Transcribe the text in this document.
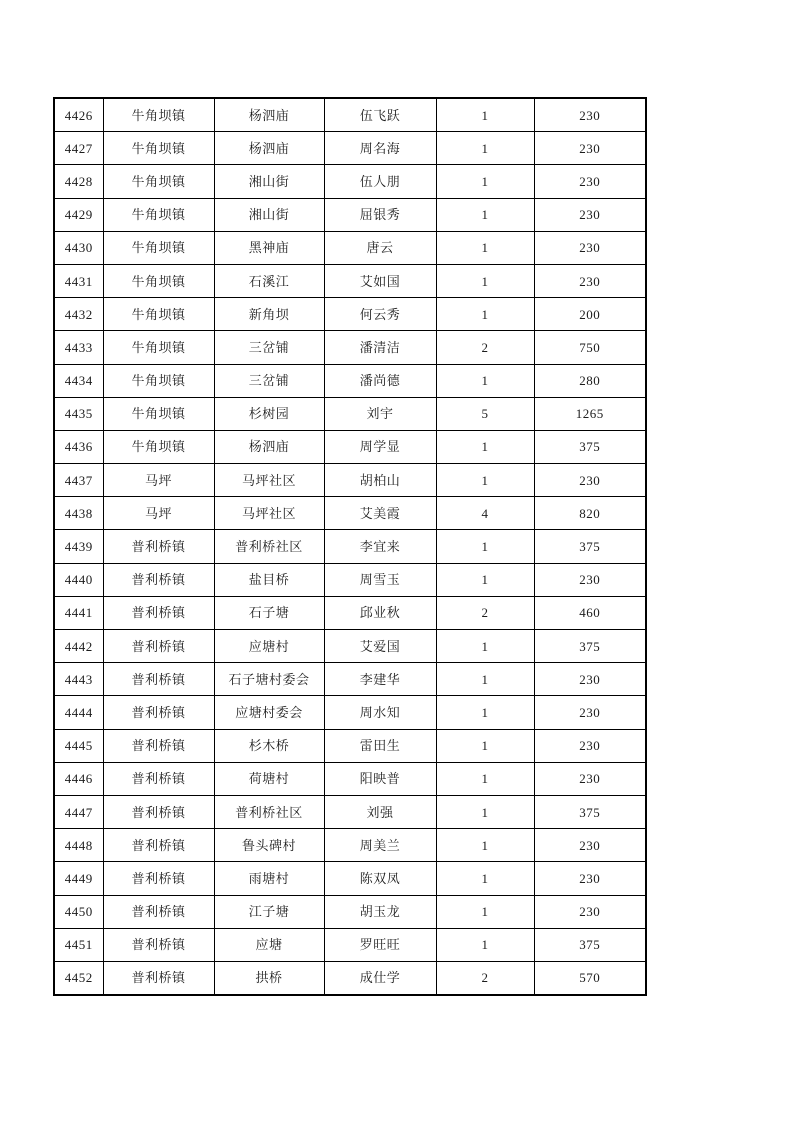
4426	牛角坝镇	杨泗庙	伍飞跃	1	230
4427	牛角坝镇	杨泗庙	周名海	1	230
4428	牛角坝镇	湘山街	伍人朋	1	230
4429	牛角坝镇	湘山街	屈银秀	1	230
4430	牛角坝镇	黑神庙	唐云	1	230
4431	牛角坝镇	石溪江	艾如国	1	230
4432	牛角坝镇	新角坝	何云秀	1	200
4433	牛角坝镇	三岔铺	潘清洁	2	750
4434	牛角坝镇	三岔铺	潘尚德	1	280
4435	牛角坝镇	杉树园	刘宇	5	1265
4436	牛角坝镇	杨泗庙	周学显	1	375
4437	马坪	马坪社区	胡柏山	1	230
4438	马坪	马坪社区	艾美霞	4	820
4439	普利桥镇	普利桥社区	李宜来	1	375
4440	普利桥镇	盐目桥	周雪玉	1	230
4441	普利桥镇	石子塘	邱业秋	2	460
4442	普利桥镇	应塘村	艾爱国	1	375
4443	普利桥镇	石子塘村委会	李建华	1	230
4444	普利桥镇	应塘村委会	周水知	1	230
4445	普利桥镇	杉木桥	雷田生	1	230
4446	普利桥镇	荷塘村	阳映普	1	230
4447	普利桥镇	普利桥社区	刘强	1	375
4448	普利桥镇	鲁头碑村	周美兰	1	230
4449	普利桥镇	雨塘村	陈双凤	1	230
4450	普利桥镇	江子塘	胡玉龙	1	230
4451	普利桥镇	应塘	罗旺旺	1	375
4452	普利桥镇	拱桥	成仕学	2	570
